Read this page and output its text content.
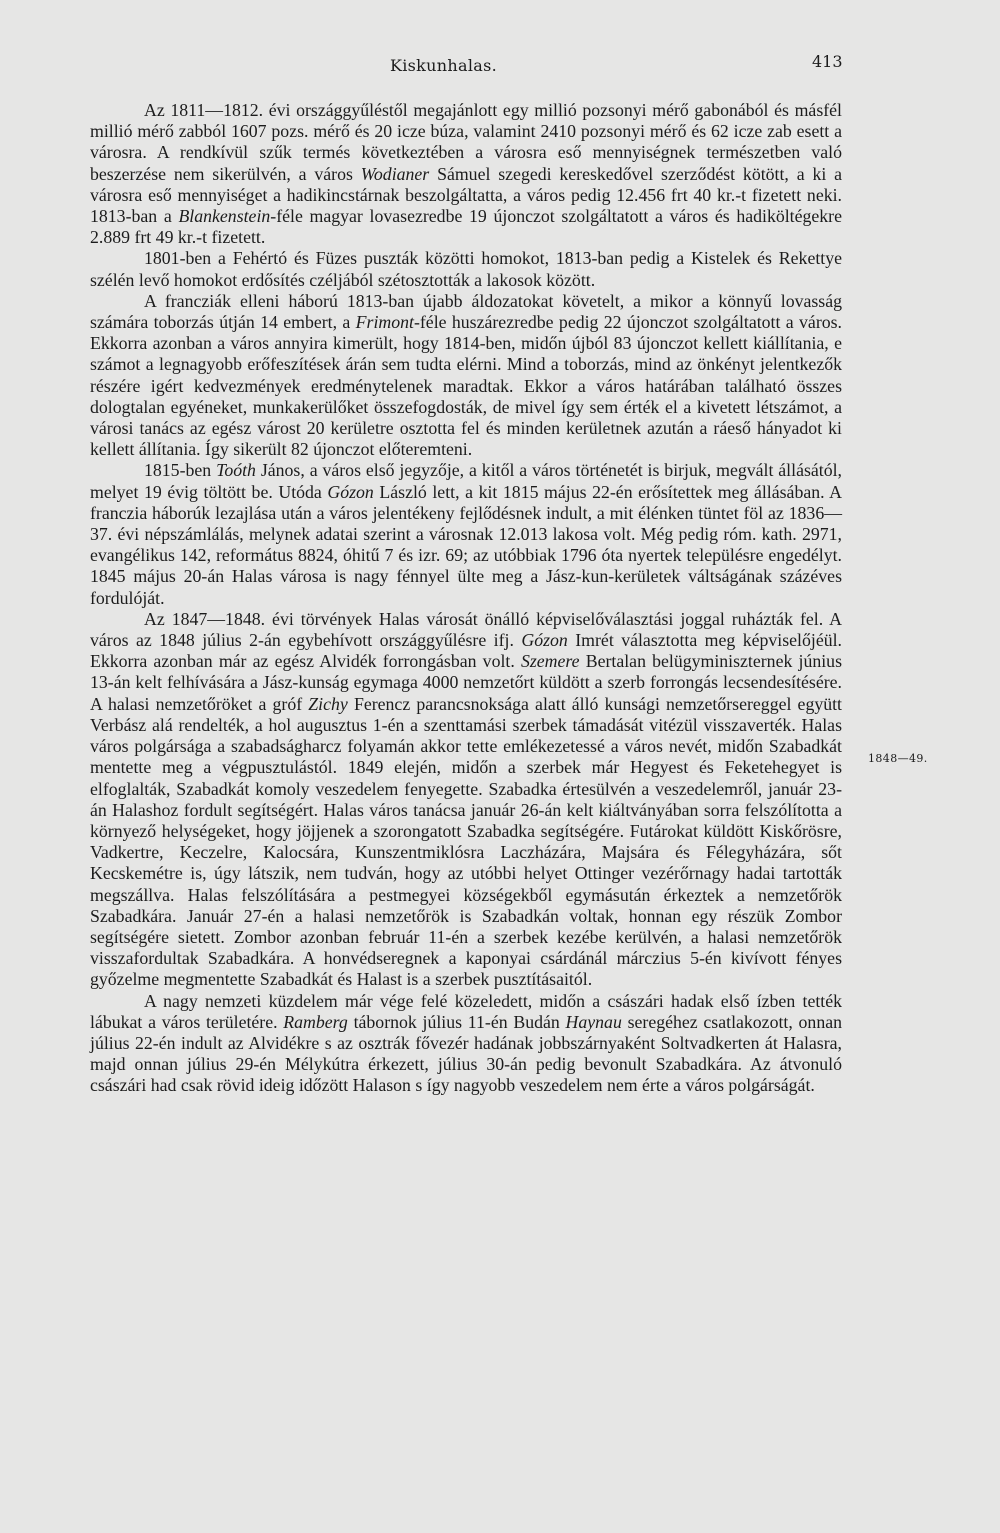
Kiskunhalas.	413

Az 1811—1812. évi országgyűléstől megajánlott egy millió pozsonyi mérő gabonából és másfél millió mérő zabból 1607 pozs. mérő és 20 icze búza, valamint 2410 pozsonyi mérő és 62 icze zab esett a városra. A rendkívül szűk termés következtében a városra eső mennyiségnek természetben való beszerzése nem sikerülvén, a város Wodianer Sámuel szegedi kereskedővel szerződést kötött, a ki a városra eső mennyiséget a hadikincstárnak beszolgáltatta, a város pedig 12.456 frt 40 kr.-t fizetett neki. 1813-ban a Blankenstein-féle magyar lovasezredbe 19 újonczot szolgáltatott a város és hadiköltégekre 2.889 frt 49 kr.-t fizetett.

1801-ben a Fehértó és Füzes puszták közötti homokot, 1813-ban pedig a Kistelek és Rekettye szélén levő homokot erdősítés czéljából szétosztották a lakosok között.

A francziák elleni háború 1813-ban újabb áldozatokat követelt, a mikor a könnyű lovasság számára toborzás útján 14 embert, a Frimont-féle huszárezredbe pedig 22 újonczot szolgáltatott a város. Ekkorra azonban a város annyira kimerült, hogy 1814-ben, midőn újból 83 újonczot kellett kiállítania, e számot a legnagyobb erőfeszítések árán sem tudta elérni. Mind a toborzás, mind az önkényt jelentkezők részére igért kedvezmények eredménytelenek maradtak. Ekkor a város határában található összes dologtalan egyéneket, munkakerülőket összefogdosták, de mivel így sem érték el a kivetett létszámot, a városi tanács az egész várost 20 kerületre osztotta fel és minden kerületnek azután a ráeső hányadot ki kellett állítania. Így sikerült 82 újonczot előteremteni.

1815-ben Toóth János, a város első jegyzője, a kitől a város történetét is birjuk, megvált állásától, melyet 19 évig töltött be. Utóda Gózon László lett, a kit 1815 május 22-én erősítettek meg állásában. A franczia háborúk lezajlása után a város jelentékeny fejlődésnek indult, a mit élénken tüntet föl az 1836—37. évi népszámlálás, melynek adatai szerint a városnak 12.013 lakosa volt. Még pedig róm. kath. 2971, evangélikus 142, református 8824, óhitű 7 és izr. 69; az utóbbiak 1796 óta nyertek településre engedélyt. 1845 május 20-án Halas városa is nagy fénnyel ülte meg a Jász-kun-kerületek váltságának százéves fordulóját.

Az 1847—1848. évi törvények Halas városát önálló képviselőválasztási joggal ruházták fel. A város az 1848 július 2-án egybehívott országgyűlésre ifj. Gózon Imrét választotta meg képviselőjéül. Ekkorra azonban már az egész Alvidék forrongásban volt. Szemere Bertalan belügyminiszternek június 13-án kelt felhívására a Jász-kunság egymaga 4000 nemzetőrt küldött a szerb forrongás lecsendesítésére. A halasi nemzetőröket a gróf Zichy Ferencz parancsnoksága alatt álló kunsági nemzetőrsereggel együtt Verbász alá rendelték, a hol augusztus 1-én a szenttamási szerbek támadását vitézül visszaverték. Halas város polgársága a szabadságharcz folyamán akkor tette emlékezetessé a város nevét, midőn Szabadkát mentette meg a végpusztulástól. 1849 elején, midőn a szerbek már Hegyest és Feketehegyet is elfoglalták, Szabadkát komoly veszedelem fenyegette. Szabadka értesülvén a veszedelemről, január 23-án Halashoz fordult segítségért. Halas város tanácsa január 26-án kelt kiáltványában sorra felszólította a környező helységeket, hogy jöjjenek a szorongatott Szabadka segítségére. Futárokat küldött Kiskőrösre, Vadkertre, Keczelre, Kalocsára, Kunszentmiklósra Laczházára, Majsára és Félegyházára, sőt Kecskemétre is, úgy látszik, nem tudván, hogy az utóbbi helyet Ottinger vezérőrnagy hadai tartották megszállva. Halas felszólítására a pestmegyei községekből egymásután érkeztek a nemzetőrök Szabadkára. Január 27-én a halasi nemzetőrök is Szabadkán voltak, honnan egy részük Zombor segítségére sietett. Zombor azonban február 11-én a szerbek kezébe kerülvén, a halasi nemzetőrök visszafordultak Szabadkára. A honvédseregnek a kaponyai csárdánál márczius 5-én kivívott fényes győzelme megmentette Szabadkát és Halast is a szerbek pusztításaitól.

A nagy nemzeti küzdelem már vége felé közeledett, midőn a császári hadak első ízben tették lábukat a város területére. Ramberg tábornok július 11-én Budán Haynau seregéhez csatlakozott, onnan július 22-én indult az Alvidékre s az osztrák fővezér hadának jobbszárnyaként Soltvadkerten át Halasra, majd onnan július 29-én Mélykútra érkezett, július 30-án pedig bevonult Szabadkára. Az átvonuló császári had csak rövid ideig időzött Halason s így nagyobb veszedelem nem érte a város polgárságát.

1848—49.
